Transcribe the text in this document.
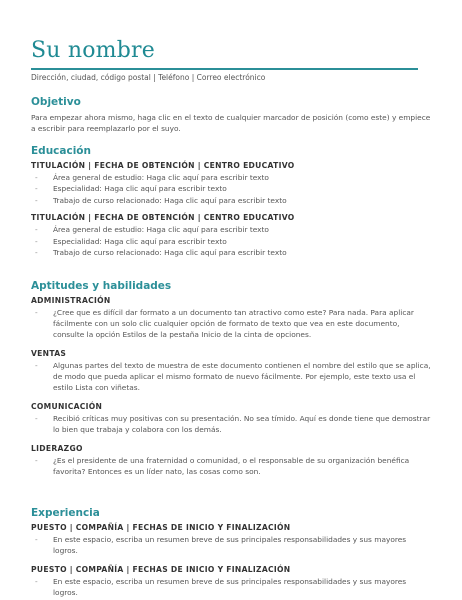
Su nombre
Dirección, ciudad, código postal | Teléfono | Correo electrónico
Objetivo
Para empezar ahora mismo, haga clic en el texto de cualquier marcador de posición (como este) y empiece a escribir para reemplazarlo por el suyo.
Educación
TITULACIÓN | FECHA DE OBTENCIÓN | CENTRO EDUCATIVO
- Área general de estudio: Haga clic aquí para escribir texto
- Especialidad: Haga clic aquí para escribir texto
- Trabajo de curso relacionado: Haga clic aquí para escribir texto
TITULACIÓN | FECHA DE OBTENCIÓN | CENTRO EDUCATIVO
- Área general de estudio: Haga clic aquí para escribir texto
- Especialidad: Haga clic aquí para escribir texto
- Trabajo de curso relacionado: Haga clic aquí para escribir texto
Aptitudes y habilidades
ADMINISTRACIÓN
- ¿Cree que es difícil dar formato a un documento tan atractivo como este? Para nada. Para aplicar fácilmente con un solo clic cualquier opción de formato de texto que vea en este documento, consulte la opción Estilos de la pestaña Inicio de la cinta de opciones.
VENTAS
- Algunas partes del texto de muestra de este documento contienen el nombre del estilo que se aplica, de modo que pueda aplicar el mismo formato de nuevo fácilmente. Por ejemplo, este texto usa el estilo Lista con viñetas.
COMUNICACIÓN
- Recibió críticas muy positivas con su presentación. No sea tímido. Aquí es donde tiene que demostrar lo bien que trabaja y colabora con los demás.
LIDERAZGO
- ¿Es el presidente de una fraternidad o comunidad, o el responsable de su organización benéfica favorita? Entonces es un líder nato, las cosas como son.
Experiencia
PUESTO | COMPAÑÍA | FECHAS DE INICIO Y FINALIZACIÓN
- En este espacio, escriba un resumen breve de sus principales responsabilidades y sus mayores logros.
PUESTO | COMPAÑÍA | FECHAS DE INICIO Y FINALIZACIÓN
- En este espacio, escriba un resumen breve de sus principales responsabilidades y sus mayores logros.
